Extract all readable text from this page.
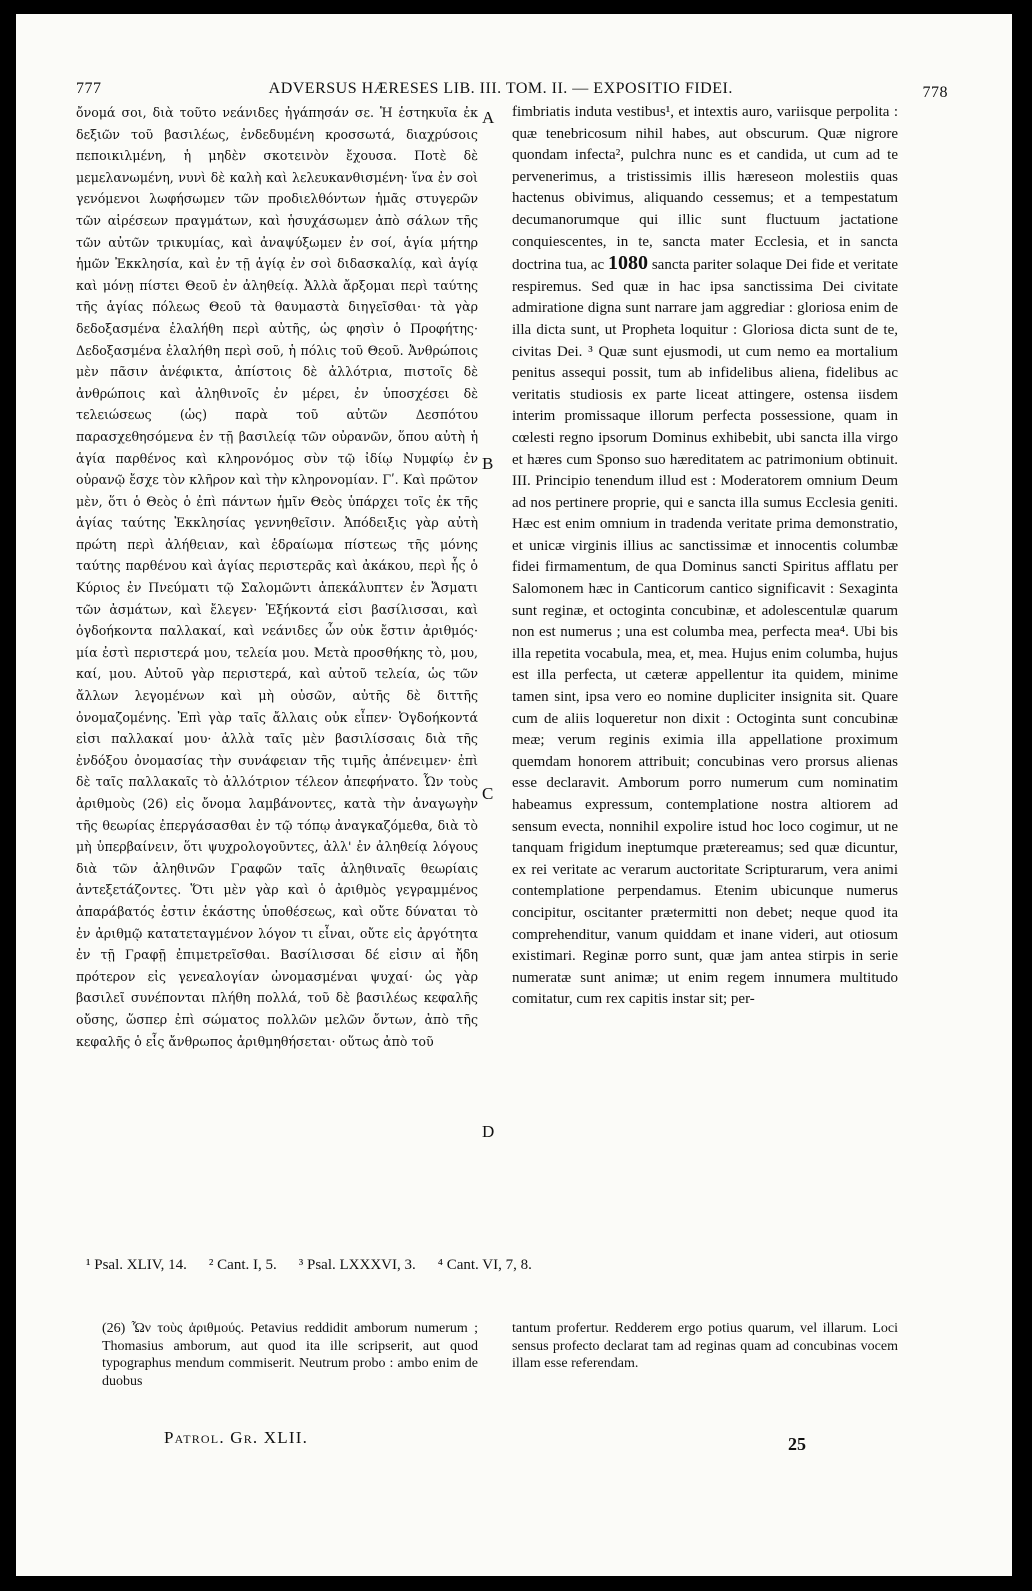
777	ADVERSUS HÆRESES LIB. III. TOM. II. — EXPOSITIO FIDEI.	778

ὄνομά σοι, διὰ τοῦτο νεάνιδες ἠγάπησάν σε. Ἡ ἑστηκυῖα ἐκ δεξιῶν τοῦ βασιλέως, ἐνδεδυμένη κροσσωτά, διαχρύσοις πεποικιλμένη, ἡ μηδὲν σκοτεινὸν ἔχουσα. Ποτὲ δὲ μεμελανωμένη, νυνὶ δὲ καλὴ καὶ λελευκανθισμένη· ἵνα ἐν σοὶ γενόμενοι λωφήσωμεν τῶν προδιελθόντων ἡμᾶς στυγερῶν τῶν αἱρέσεων πραγμάτων, καὶ ἡσυχάσωμεν ἀπὸ σάλων τῆς τῶν αὐτῶν τρικυμίας, καὶ ἀναψύξωμεν ἐν σοί, ἁγία μήτηρ ἡμῶν Ἐκκλησία, καὶ ἐν τῇ ἁγίᾳ ἐν σοὶ διδασκαλίᾳ, καὶ ἁγίᾳ καὶ μόνῃ πίστει Θεοῦ ἐν ἀληθείᾳ. Ἀλλὰ ἄρξομαι περὶ ταύτης τῆς ἁγίας πόλεως Θεοῦ τὰ θαυμαστὰ διηγεῖσθαι· τὰ γὰρ δεδοξασμένα ἐλαλήθη περὶ αὐτῆς, ὡς φησὶν ὁ Προφήτης· Δεδοξασμένα ἐλαλήθη περὶ σοῦ, ἡ πόλις τοῦ Θεοῦ. Ἀνθρώποις μὲν πᾶσιν ἀνέφικτα, ἀπίστοις δὲ ἀλλότρια, πιστοῖς δὲ ἀνθρώποις καὶ ἀληθινοῖς ἐν μέρει, ἐν ὑποσχέσει δὲ τελειώσεως (ὡς) παρὰ τοῦ αὐτῶν Δεσπότου παρασχεθησόμενα ἐν τῇ βασιλείᾳ τῶν οὐρανῶν, ὅπου αὐτὴ ἡ ἁγία παρθένος καὶ κληρονόμος σὺν τῷ ἰδίῳ Νυμφίῳ ἐν οὐρανῷ ἔσχε τὸν κλῆρον καὶ τὴν κληρονομίαν. Γʹ. Καὶ πρῶτον μὲν, ὅτι ὁ Θεὸς ὁ ἐπὶ πάντων ἡμῖν Θεὸς ὑπάρχει τοῖς ἐκ τῆς ἁγίας ταύτης Ἐκκλησίας γεννηθεῖσιν. Ἀπόδειξις γὰρ αὐτὴ πρώτη περὶ ἀλήθειαν, καὶ ἑδραίωμα πίστεως τῆς μόνης ταύτης παρθένου καὶ ἁγίας περιστερᾶς καὶ ἀκάκου, περὶ ἧς ὁ Κύριος ἐν Πνεύματι τῷ Σαλομῶντι ἀπεκάλυπτεν ἐν Ἄσματι τῶν ἀσμάτων, καὶ ἔλεγεν· Ἑξήκοντά εἰσι βασίλισσαι, καὶ ὀγδοήκοντα παλλακαί, καὶ νεάνιδες ὧν οὐκ ἔστιν ἀριθμός· μία ἐστὶ περιστερά μου, τελεία μου. Μετὰ προσθήκης τὸ, μου, καί, μου. Αὐτοῦ γὰρ περιστερά, καὶ αὐτοῦ τελεία, ὡς τῶν ἄλλων λεγομένων καὶ μὴ οὐσῶν, αὐτῆς δὲ διττῆς ὀνομαζομένης. Ἐπὶ γὰρ ταῖς ἄλλαις οὐκ εἶπεν· Ὀγδοήκοντά εἰσι παλλακαί μου· ἀλλὰ ταῖς μὲν βασιλίσσαις διὰ τῆς ἐνδόξου ὀνομασίας τὴν συνάφειαν τῆς τιμῆς ἀπένειμεν· ἐπὶ δὲ ταῖς παλλακαῖς τὸ ἀλλότριον τέλεον ἀπεφήνατο. Ὧν τοὺς ἀριθμοὺς (26) εἰς ὄνομα λαμβάνοντες, κατὰ τὴν ἀναγωγὴν τῆς θεωρίας ἐπεργάσασθαι ἐν τῷ τόπῳ ἀναγκαζόμεθα, διὰ τὸ μὴ ὑπερβαίνειν, ὅτι ψυχρολογοῦντες, ἀλλ' ἐν ἀληθείᾳ λόγους διὰ τῶν ἀληθινῶν Γραφῶν ταῖς ἀληθιναῖς θεωρίαις ἀντεξετάζοντες. Ὅτι μὲν γὰρ καὶ ὁ ἀριθμὸς γεγραμμένος ἀπαράβατός ἐστιν ἑκάστης ὑποθέσεως, καὶ οὔτε δύναται τὸ ἐν ἀριθμῷ κατατεταγμένον λόγον τι εἶναι, οὔτε εἰς ἀργότητα ἐν τῇ Γραφῇ ἐπιμετρεῖσθαι. Βασίλισσαι δέ εἰσιν αἱ ἤδη πρότερον εἰς γενεαλογίαν ὠνομασμέναι ψυχαί· ὡς γὰρ βασιλεῖ συνέπονται πλήθη πολλά, τοῦ δὲ βασιλέως κεφαλῆς οὔσης, ὥσπερ ἐπὶ σώματος πολλῶν μελῶν ὄντων, ἀπὸ τῆς κεφαλῆς ὁ εἷς ἄνθρωπος ἀριθμηθήσεται· οὕτως ἀπὸ τοῦ

A
B
C
D

fimbriatis induta vestibus¹, et intextis auro, variisque perpolita : quæ tenebricosum nihil habes, aut obscurum. Quæ nigrore quondam infecta², pulchra nunc es et candida, ut cum ad te pervenerimus, a tristissimis illis hæreseon molestiis quas hactenus obivimus, aliquando cessemus; et a tempestatum decumanorumque qui illic sunt fluctuum jactatione conquiescentes, in te, sancta mater Ecclesia, et in sancta doctrina tua, ac 1080 sancta pariter solaque Dei fide et veritate respiremus. Sed quæ in hac ipsa sanctissima Dei civitate admiratione digna sunt narrare jam aggrediar : gloriosa enim de illa dicta sunt, ut Propheta loquitur : Gloriosa dicta sunt de te, civitas Dei. ³ Quæ sunt ejusmodi, ut cum nemo ea mortalium penitus assequi possit, tum ab infidelibus aliena, fidelibus ac veritatis studiosis ex parte liceat attingere, ostensa iisdem interim promissaque illorum perfecta possessione, quam in cœlesti regno ipsorum Dominus exhibebit, ubi sancta illa virgo et hæres cum Sponso suo hæreditatem ac patrimonium obtinuit. III. Principio tenendum illud est : Moderatorem omnium Deum ad nos pertinere proprie, qui e sancta illa sumus Ecclesia geniti. Hæc est enim omnium in tradenda veritate prima demonstratio, et unicæ virginis illius ac sanctissimæ et innocentis columbæ fidei firmamentum, de qua Dominus sancti Spiritus afflatu per Salomonem hæc in Canticorum cantico significavit : Sexaginta sunt reginæ, et octoginta concubinæ, et adolescentulæ quarum non est numerus ; una est columba mea, perfecta mea⁴. Ubi bis illa repetita vocabula, mea, et, mea. Hujus enim columba, hujus est illa perfecta, ut cæteræ appellentur ita quidem, minime tamen sint, ipsa vero eo nomine dupliciter insignita sit. Quare cum de aliis loqueretur non dixit : Octoginta sunt concubinæ meæ; verum reginis eximia illa appellatione proximum quemdam honorem attribuit; concubinas vero prorsus alienas esse declaravit. Amborum porro numerum cum nominatim habeamus expressum, contemplatione nostra altiorem ad sensum evecta, nonnihil expolire istud hoc loco cogimur, ut ne tanquam frigidum ineptumque prætereamus; sed quæ dicuntur, ex rei veritate ac verarum auctoritate Scripturarum, vera animi contemplatione perpendamus. Etenim ubicunque numerus concipitur, oscitanter prætermitti non debet; neque quod ita comprehenditur, vanum quiddam et inane videri, aut otiosum existimari. Reginæ porro sunt, quæ jam antea stirpis in serie numeratæ sunt animæ; ut enim regem innumera multitudo comitatur, cum rex capitis instar sit; per-

¹ Psal. XLIV, 14. ² Cant. I, 5. ³ Psal. LXXXVI, 3. ⁴ Cant. VI, 7, 8.
(26) Ὧν τοὺς ἀριθμούς. Petavius reddidit amborum numerum ; Thomasius amborum, aut quod ita ille scripserit, aut quod typographus mendum commiserit. Neutrum probo : ambo enim de duobus
tantum profertur. Redderem ergo potius quarum, vel illarum. Loci sensus profecto declarat tam ad reginas quam ad concubinas vocem illam esse referendam.
Patrol. Gr. XLII.	25
